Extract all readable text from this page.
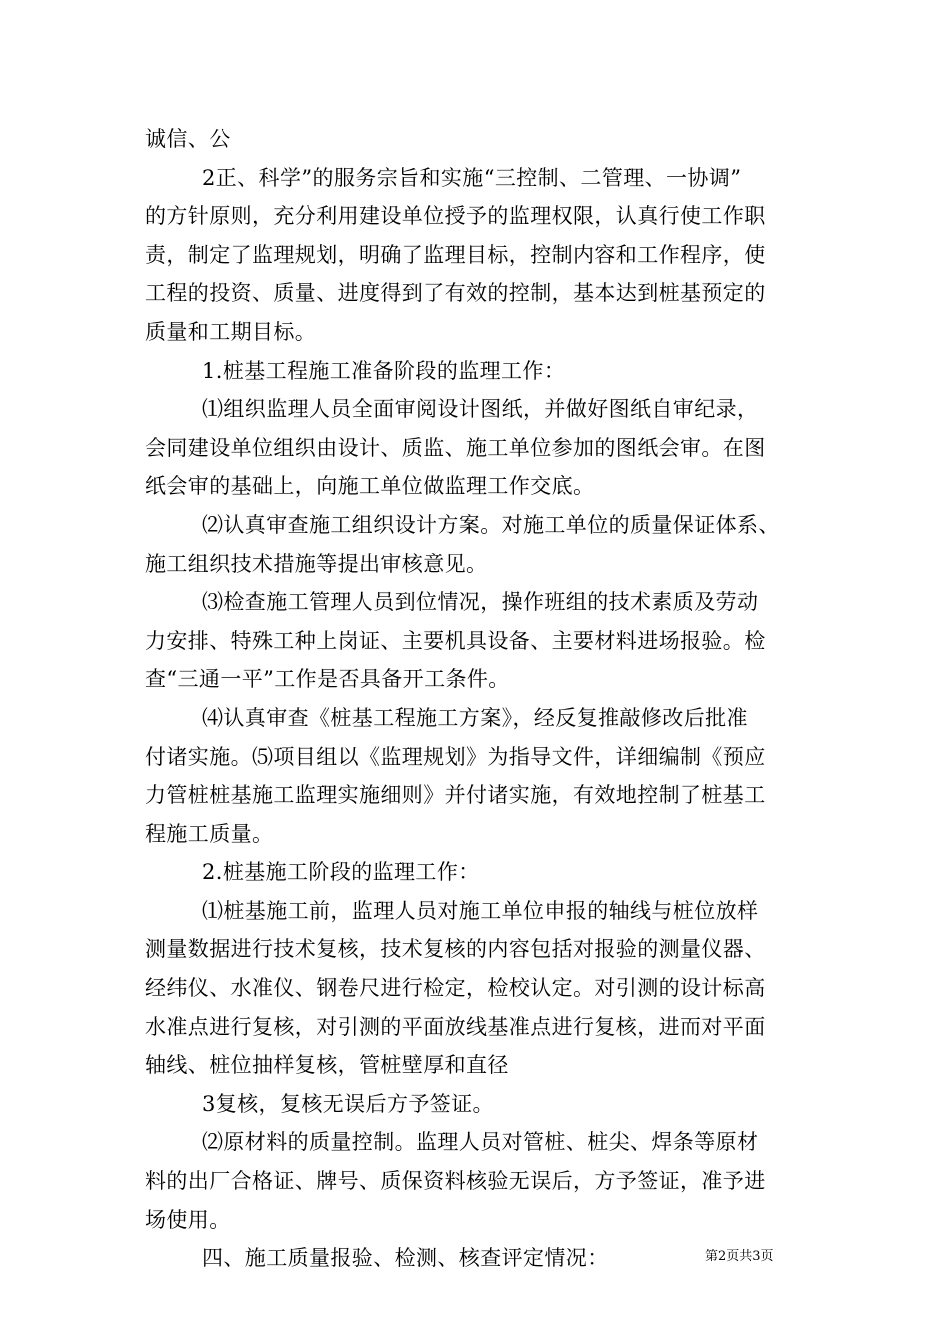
诚信、公

2正、科学”的服务宗旨和实施“三控制、二管理、一协调”
的方针原则，充分利用建设单位授予的监理权限，认真行使工作职
责，制定了监理规划，明确了监理目标，控制内容和工作程序，使
工程的投资、质量、进度得到了有效的控制，基本达到桩基预定的
质量和工期目标。

1.桩基工程施工准备阶段的监理工作：

⑴组织监理人员全面审阅设计图纸，并做好图纸自审纪录，
会同建设单位组织由设计、质监、施工单位参加的图纸会审。在图
纸会审的基础上，向施工单位做监理工作交底。

⑵认真审查施工组织设计方案。对施工单位的质量保证体系、
施工组织技术措施等提出审核意见。

⑶检查施工管理人员到位情况，操作班组的技术素质及劳动
力安排、特殊工种上岗证、主要机具设备、主要材料进场报验。检
查“三通一平”工作是否具备开工条件。

⑷认真审查《桩基工程施工方案》，经反复推敲修改后批准
付诸实施。⑸项目组以《监理规划》为指导文件，详细编制《预应
力管桩桩基施工监理实施细则》并付诸实施，有效地控制了桩基工
程施工质量。

2.桩基施工阶段的监理工作：

⑴桩基施工前，监理人员对施工单位申报的轴线与桩位放样
测量数据进行技术复核，技术复核的内容包括对报验的测量仪器、
经纬仪、水准仪、钢卷尺进行检定，检校认定。对引测的设计标高
水准点进行复核，对引测的平面放线基准点进行复核，进而对平面
轴线、桩位抽样复核，管桩壁厚和直径

3复核，复核无误后方予签证。

⑵原材料的质量控制。监理人员对管桩、桩尖、焊条等原材
料的出厂合格证、牌号、质保资料核验无误后，方予签证，准予进
场使用。

四、施工质量报验、检测、核查评定情况：	第2页共3页
